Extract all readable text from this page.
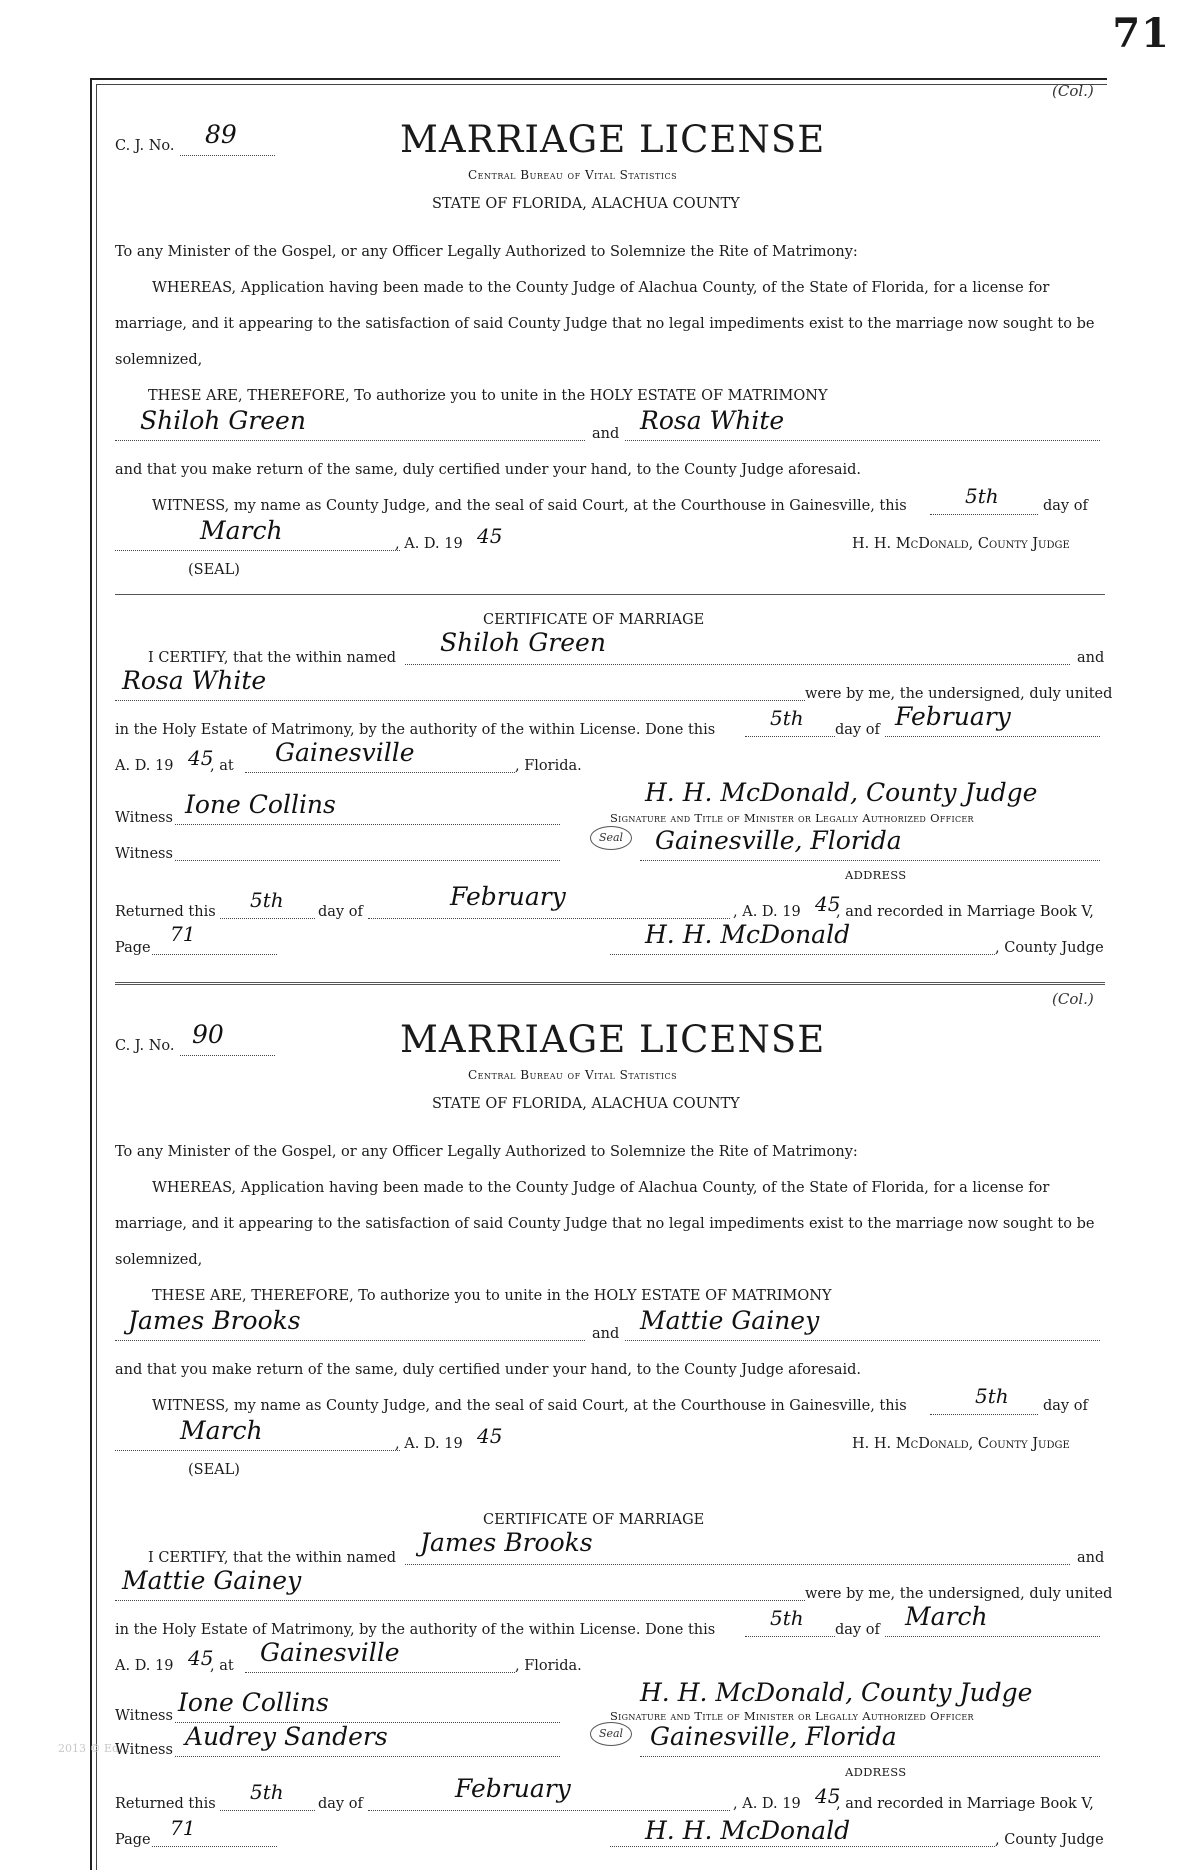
71
(Col.)
C. J. No. 89	MARRIAGE LICENSE
Central Bureau of Vital Statistics
STATE OF FLORIDA, ALACHUA COUNTY
To any Minister of the Gospel, or any Officer Legally Authorized to Solemnize the Rite of Matrimony:
WHEREAS, Application having been made to the County Judge of Alachua County, of the State of Florida, for a license for
marriage, and it appearing to the satisfaction of said County Judge that no legal impediments exist to the marriage now sought to be
solemnized,
THESE ARE, THEREFORE, To authorize you to unite in the HOLY ESTATE OF MATRIMONY
Shiloh Green	and Rosa White
and that you make return of the same, duly certified under your hand, to the County Judge aforesaid.
WITNESS, my name as County Judge, and the seal of said Court, at the Courthouse in Gainesville, this	5th	day of
March	, A. D. 19 45	H. H. McDonald, County Judge
(SEAL)
CERTIFICATE OF MARRIAGE
I CERTIFY, that the within named
Shiloh Green
and
Rosa White	were by me, the undersigned, duly united
in the Holy Estate of Matrimony, by the authority of the within License. Done this	5th day of February
A. D. 19 45
, at Gainesville	, Florida.
H. H. McDonald, County Judge
Witness Ione Collins	Signature and Title of Minister or Legally Authorized Officer
Witness
Seal	Gainesville, Florida
ADDRESS
Returned this 5th day of
February
, A. D. 19 45
, and recorded in Marriage Book V,
Page
71	H. H. McDonald	, County Judge
(Col.)
C. J. No. 90	MARRIAGE LICENSE
Central Bureau of Vital Statistics
STATE OF FLORIDA, ALACHUA COUNTY
To any Minister of the Gospel, or any Officer Legally Authorized to Solemnize the Rite of Matrimony:
WHEREAS, Application having been made to the County Judge of Alachua County, of the State of Florida, for a license for
marriage, and it appearing to the satisfaction of said County Judge that no legal impediments exist to the marriage now sought to be
solemnized,
THESE ARE, THEREFORE, To authorize you to unite in the HOLY ESTATE OF MATRIMONY
James Brooks	and Mattie Gainey
and that you make return of the same, duly certified under your hand, to the County Judge aforesaid.
WITNESS, my name as County Judge, and the seal of said Court, at the Courthouse in Gainesville, this	5th day of
March	, A. D. 19 45	H. H. McDonald, County Judge
(SEAL)
CERTIFICATE OF MARRIAGE
I CERTIFY, that the within named
James Brooks
and
Mattie Gainey	were by me, the undersigned, duly united
in the Holy Estate of Matrimony, by the authority of the within License. Done this	5th day of March
A. D. 19 45
, at Gainesville	, Florida.
H. H. McDonald, County Judge
Witness Ione Collins	Signature and Title of Minister or Legally Authorized Officer
2013 © Ed...
Witness Audrey Sanders	Seal	Gainesville, Florida
ADDRESS
Returned this 5th day of
February
, A. D. 19 45
, and recorded in Marriage Book V,
Page 71	H. H. McDonald	, County Judge
